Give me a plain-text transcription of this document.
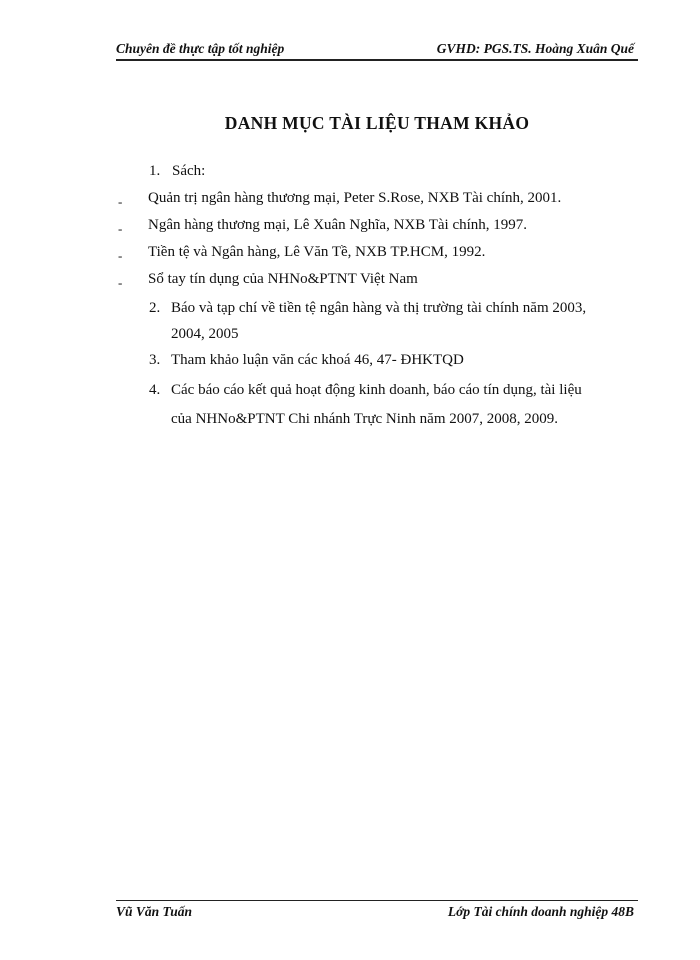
Chuyên đề thực tập tốt nghiệp	GVHD: PGS.TS. Hoàng Xuân Quế
DANH MỤC TÀI LIỆU THAM KHẢO
1. Sách:
- Quản trị ngân hàng thương mại, Peter S.Rose, NXB Tài chính, 2001.
- Ngân hàng thương mại, Lê Xuân Nghĩa, NXB Tài chính, 1997.
- Tiền tệ và Ngân hàng, Lê Văn Tề, NXB TP.HCM, 1992.
- Sổ tay tín dụng của NHNo&PTNT Việt Nam
2. Báo và tạp chí về tiền tệ ngân hàng và thị trường tài chính năm 2003,
2004, 2005
3. Tham khảo luận văn các khoá 46, 47- ĐHKTQD
4. Các báo cáo kết quả hoạt động kinh doanh, báo cáo tín dụng, tài liệu
của NHNo&PTNT Chi nhánh Trực Ninh năm 2007, 2008, 2009.
Vũ Văn Tuấn	Lớp Tài chính doanh nghiệp 48B
